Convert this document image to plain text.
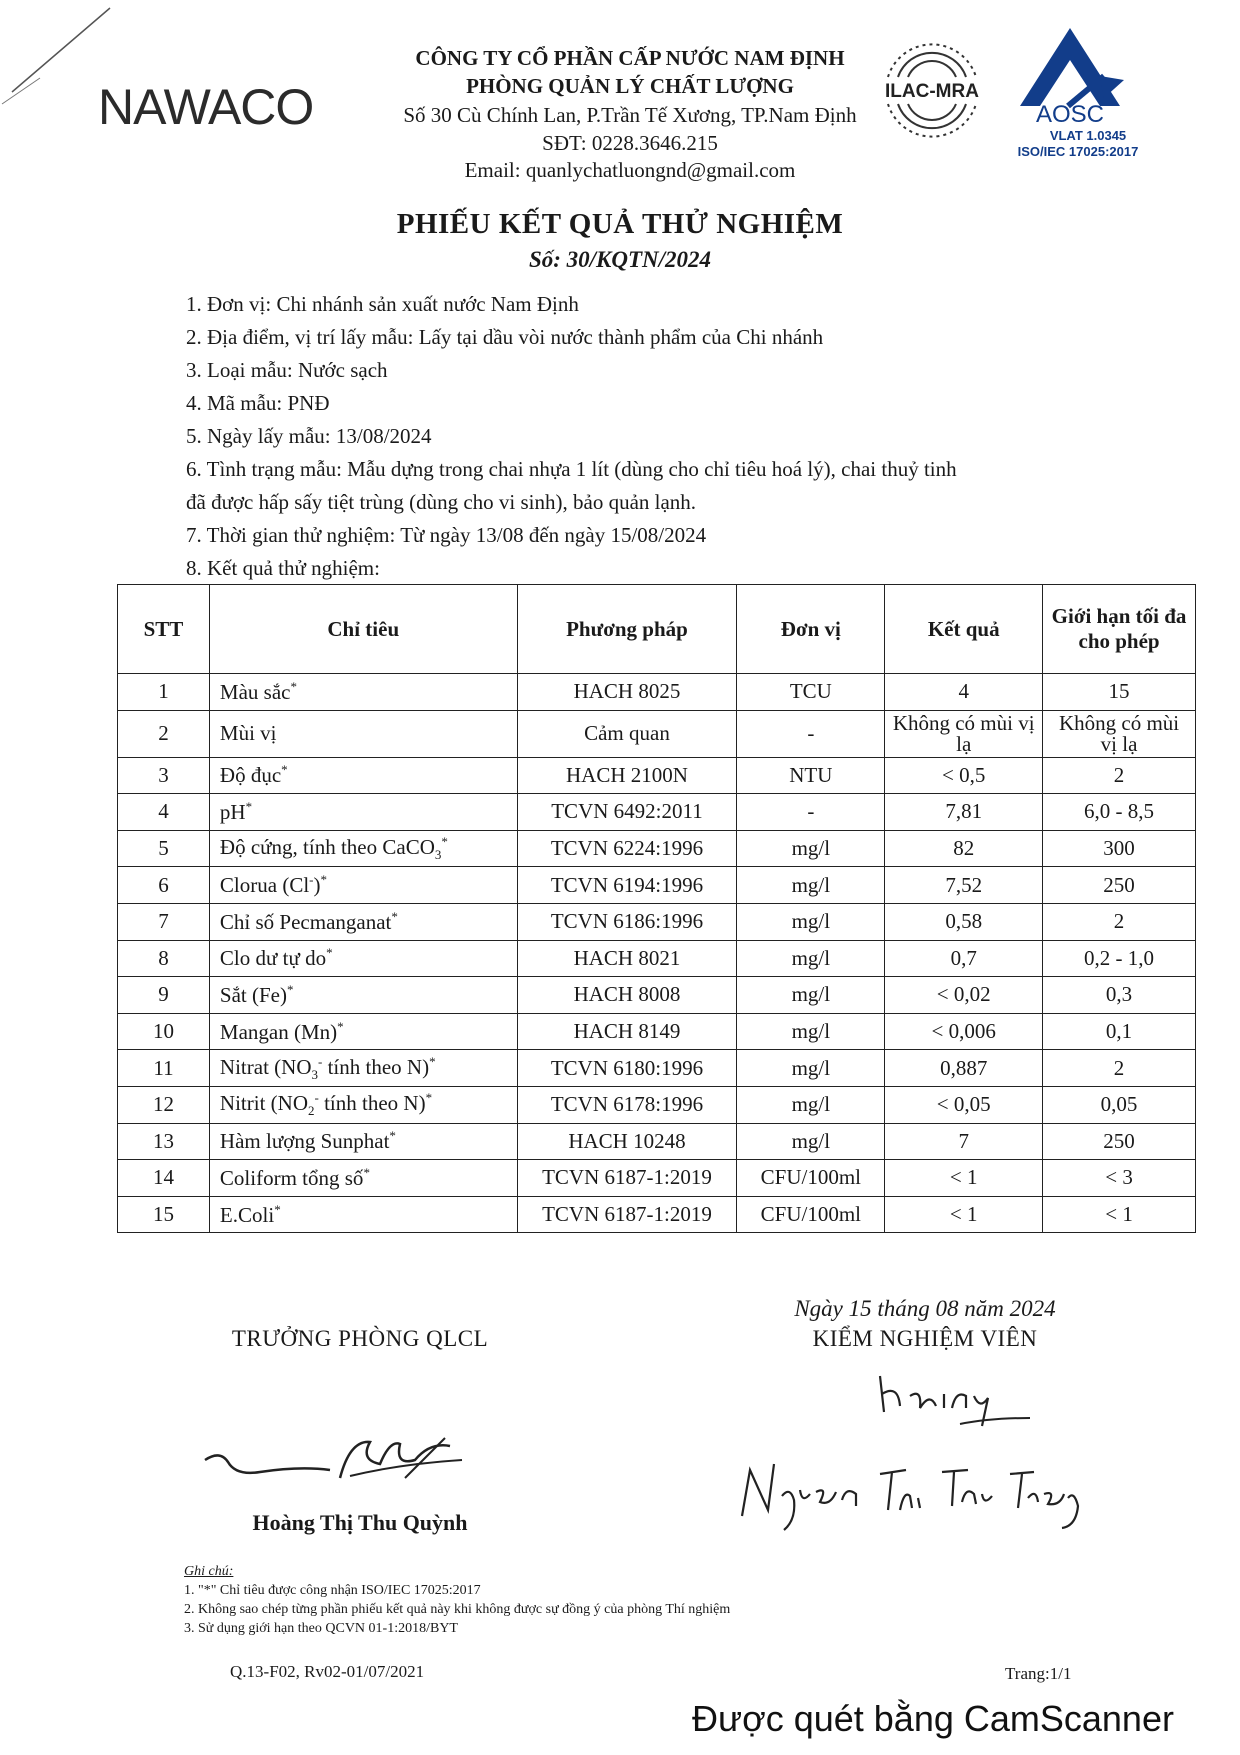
NAWACO
CÔNG TY CỔ PHẦN CẤP NƯỚC NAM ĐỊNH
PHÒNG QUẢN LÝ CHẤT LƯỢNG
Số 30 Cù Chính Lan, P.Trần Tế Xương, TP.Nam Định
SĐT: 0228.3646.215
Email: quanlychatluongnd@gmail.com
ILAC-MRA
AOSC
VLAT 1.0345
ISO/IEC 17025:2017
PHIẾU KẾT QUẢ THỬ NGHIỆM
Số: 30/KQTN/2024
1. Đơn vị: Chi nhánh sản xuất nước Nam Định
2. Địa điểm, vị trí lấy mẫu: Lấy tại dầu vòi nước thành phẩm của Chi nhánh
3. Loại mẫu: Nước sạch
4. Mã mẫu: PNĐ
5. Ngày lấy mẫu: 13/08/2024
6. Tình trạng mẫu: Mẫu dựng trong chai nhựa 1 lít (dùng cho chỉ tiêu hoá lý), chai thuỷ tinh
đã được hấp sấy tiệt trùng (dùng cho vi sinh), bảo quản lạnh.
7. Thời gian thử nghiệm: Từ ngày 13/08 đến ngày 15/08/2024
8. Kết quả thử nghiệm:
STT	Chỉ tiêu	Phương pháp	Đơn vị	Kết quả	Giới hạn tối đa cho phép
1	Màu sắc*	HACH 8025	TCU	4	15
2	Mùi vị	Cảm quan	-	Không có mùi vị lạ	Không có mùi vị lạ
3	Độ đục*	HACH 2100N	NTU	< 0,5	2
4	pH*	TCVN 6492:2011	-	7,81	6,0 - 8,5
5	Độ cứng, tính theo CaCO$_3$*	TCVN 6224:1996	mg/l	82	300
6	Clorua (Cl-)*	TCVN 6194:1996	mg/l	7,52	250
7	Chỉ số Pecmanganat*	TCVN 6186:1996	mg/l	0,58	2
8	Clo dư tự do*	HACH 8021	mg/l	0,7	0,2 - 1,0
9	Sắt (Fe)*	HACH 8008	mg/l	< 0,02	0,3
10	Mangan (Mn)*	HACH 8149	mg/l	< 0,006	0,1
11	Nitrat ($NO_3^-$ tính theo N)*	TCVN 6180:1996	mg/l	0,887	2
12	Nitrit ($NO_2^-$ tính theo N)*	TCVN 6178:1996	mg/l	< 0,05	0,05
13	Hàm lượng Sunphat*	HACH 10248	mg/l	7	250
14	Coliform tổng số*	TCVN 6187-1:2019	CFU/100ml	< 1	< 3
15	E.Coli*	TCVN 6187-1:2019	CFU/100ml	< 1	< 1
Ngày 15 tháng 08 năm 2024
TRƯỞNG PHÒNG QLCL	KIỂM NGHIỆM VIÊN
Hoàng Thị Thu Quỳnh
Ghi chú:
1. "*" Chỉ tiêu được công nhận ISO/IEC 17025:2017
2. Không sao chép từng phần phiếu kết quả này khi không được sự đồng ý của phòng Thí nghiệm
3. Sử dụng giới hạn theo QCVN 01-1:2018/BYT
Q.13-F02, Rv02-01/07/2021	Trang:1/1
Được quét bằng CamScanner
